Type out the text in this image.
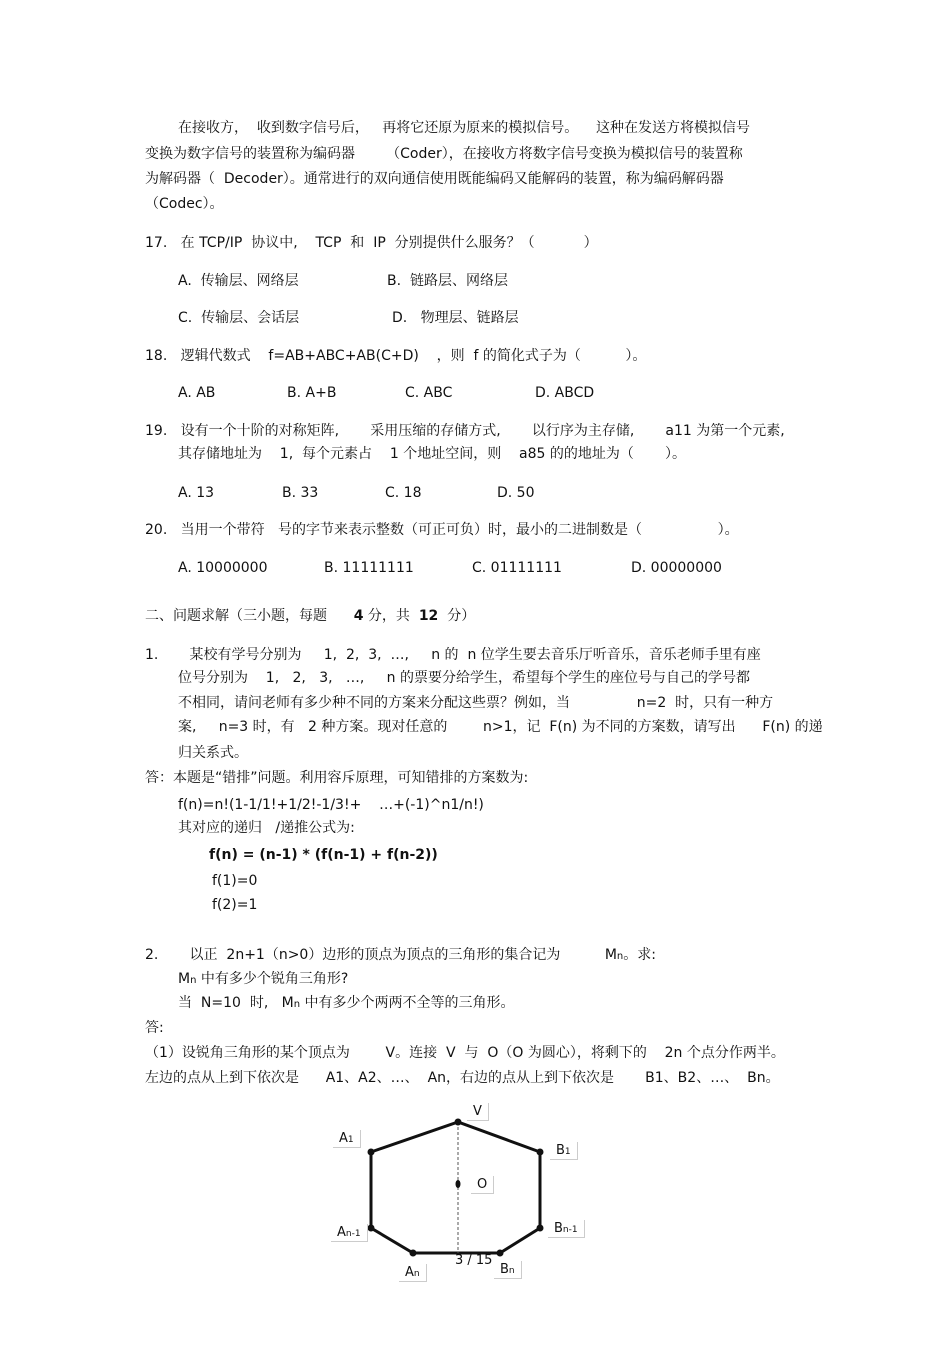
在接收方，  收到数字信号后，   再将它还原为原来的模拟信号。    这种在发送方将模拟信号
变换为数字信号的装置称为编码器       （Coder），在接收方将数字信号变换为模拟信号的装置称
为解码器（  Decoder）。通常进行的双向通信使用既能编码又能解码的装置，称为编码解码器
（Codec）。
17.   在 TCP/IP  协议中,    TCP  和  IP  分别提供什么服务？（           ）
A.  传输层、网络层	B.  链路层、网络层
C.  传输层、会话层	D.   物理层、链路层
18.   逻辑代数式    f=AB+ABC+AB(C+D)    ，则  f 的简化式子为（          ）。
A. AB	B. A+B	C. ABC	D. ABCD
19.   设有一个十阶的对称矩阵,       采用压缩的存储方式,       以行序为主存储,       a11 为第一个元素,
其存储地址为    1,  每个元素占    1 个地址空间，则    a85 的的地址为（       ）。
A. 13	B. 33	C. 18	D. 50
20.   当用一个带符   号的字节来表示整数（可正可负）时，最小的二进制数是（                 ）。
A. 10000000	B. 11111111	C. 01111111	D. 00000000
二、问题求解（三小题，每题      4 分，共  12  分）
1.       某校有学号分别为     1,  2,  3,  …,     n 的  n 位学生要去音乐厅听音乐，音乐老师手里有座
位号分别为    1,   2,   3,   …,     n 的票要分给学生，希望每个学生的座位号与自己的学号都
不相同，请问老师有多少种不同的方案来分配这些票？例如，当               n=2  时，只有一种方
案,     n=3 时，有   2 种方案。现对任意的        n>1，记  F(n) 为不同的方案数，请写出      F(n) 的递
归关系式。
答：本题是“错排”问题。利用容斥原理，可知错排的方案数为:
f(n)=n!(1-1/1!+1/2!-1/3!+    …+(-1)^n1/n!)
其对应的递归   /递推公式为:
f(n) = (n-1) * (f(n-1) + f(n-2))
f(1)=0
f(2)=1
2.       以正  2n+1（n>0）边形的顶点为顶点的三角形的集合记为          Mn。求:
Mn 中有多少个锐角三角形?
当  N=10  时,   Mn 中有多少个两两不全等的三角形。
答:
（1）设锐角三角形的某个顶点为        V。连接  V  与  O（O 为圆心），将剩下的    2n 个点分作两半。
左边的点从上到下依次是      A1、A2、…、  An，右边的点从上到下依次是       B1、B2、…、  Bn。
V
A1
B1
O
An-1	Bn-1
An	Bn
3 / 15
